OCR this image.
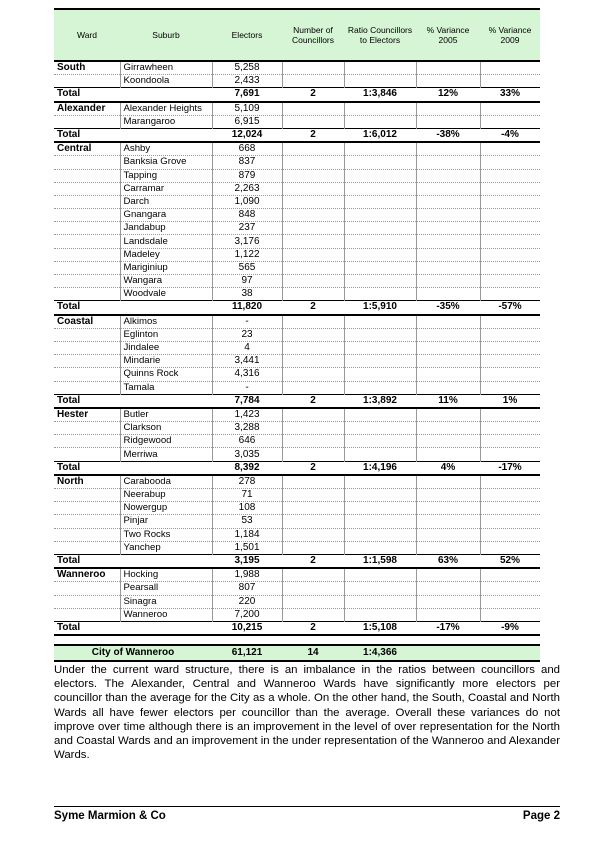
Ward	Suburb	Electors	Number of Councillors	Ratio Councillors to Electors	% Variance 2005	% Variance 2009
South	Girrawheen	5,258				
	Koondoola	2,433				
Total		7,691	2	1:3,846	12%	33%
Alexander	Alexander Heights	5,109				
	Marangaroo	6,915				
Total		12,024	2	1:6,012	-38%	-4%
Central	Ashby	668				
	Banksia Grove	837				
	Tapping	879				
	Carramar	2,263				
	Darch	1,090				
	Gnangara	848				
	Jandabup	237				
	Landsdale	3,176				
	Madeley	1,122				
	Mariginiup	565				
	Wangara	97				
	Woodvale	38				
Total		11,820	2	1:5,910	-35%	-57%
Coastal	Alkimos	-				
	Eglinton	23				
	Jindalee	4				
	Mindarie	3,441				
	Quinns Rock	4,316				
	Tamala	-				
Total		7,784	2	1:3,892	11%	1%
Hester	Butler	1,423				
	Clarkson	3,288				
	Ridgewood	646				
	Merriwa	3,035				
Total		8,392	2	1:4,196	4%	-17%
North	Carabooda	278				
	Neerabup	71				
	Nowergup	108				
	Pinjar	53				
	Two Rocks	1,184				
	Yanchep	1,501				
Total		3,195	2	1:1,598	63%	52%
Wanneroo	Hocking	1,988				
	Pearsall	807				
	Sinagra	220				
	Wanneroo	7,200				
Total		10,215	2	1:5,108	-17%	-9%

City of Wanneroo		61,121	14	1:4,366		
Under the current ward structure, there is an imbalance in the ratios between councillors and electors. The Alexander, Central and Wanneroo Wards have significantly more electors per councillor than the average for the City as a whole. On the other hand, the South, Coastal and North Wards all have fewer electors per councillor than the average. Overall these variances do not improve over time although there is an improvement in the level of over representation for the North and Coastal Wards and an improvement in the under representation of the Wanneroo and Alexander Wards.
Syme Marmion & Co	Page 2
